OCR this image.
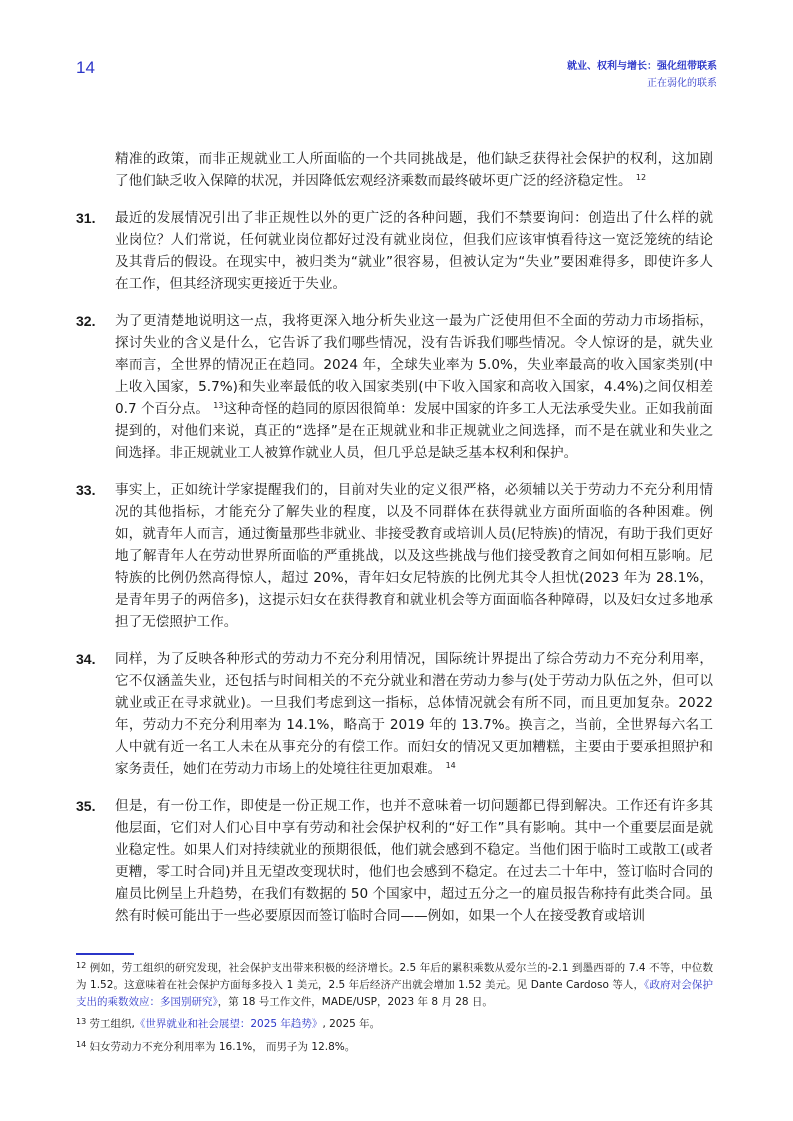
14	就业、权利与增长：强化纽带联系
正在弱化的联系
精准的政策，而非正规就业工人所面临的一个共同挑战是，他们缺乏获得社会保护的权利，这加剧了他们缺乏收入保障的状况，并因降低宏观经济乘数而最终破坏更广泛的经济稳定性。 $^{12}$
31. 最近的发展情况引出了非正规性以外的更广泛的各种问题，我们不禁要询问：创造出了什么样的就业岗位？人们常说，任何就业岗位都好过没有就业岗位，但我们应该审慎看待这一宽泛笼统的结论及其背后的假设。在现实中，被归类为“就业”很容易，但被认定为“失业”要困难得多，即使许多人在工作，但其经济现实更接近于失业。
32. 为了更清楚地说明这一点，我将更深入地分析失业这一最为广泛使用但不全面的劳动力市场指标，探讨失业的含义是什么，它告诉了我们哪些情况，没有告诉我们哪些情况。令人惊讶的是，就失业率而言，全世界的情况正在趋同。2024 年，全球失业率为 5.0%，失业率最高的收入国家类别(中上收入国家，5.7%)和失业率最低的收入国家类别(中下收入国家和高收入国家，4.4%)之间仅相差 0.7 个百分点。 $^{13}$这种奇怪的趋同的原因很简单：发展中国家的许多工人无法承受失业。正如我前面提到的，对他们来说，真正的“选择”是在正规就业和非正规就业之间选择，而不是在就业和失业之间选择。非正规就业工人被算作就业人员，但几乎总是缺乏基本权利和保护。
33. 事实上，正如统计学家提醒我们的，目前对失业的定义很严格，必须辅以关于劳动力不充分利用情况的其他指标，才能充分了解失业的程度，以及不同群体在获得就业方面所面临的各种困难。例如，就青年人而言，通过衡量那些非就业、非接受教育或培训人员(尼特族)的情况，有助于我们更好地了解青年人在劳动世界所面临的严重挑战，以及这些挑战与他们接受教育之间如何相互影响。尼特族的比例仍然高得惊人，超过 20%，青年妇女尼特族的比例尤其令人担忧(2023 年为 28.1%，是青年男子的两倍多)，这提示妇女在获得教育和就业机会等方面面临各种障碍，以及妇女过多地承担了无偿照护工作。
34. 同样，为了反映各种形式的劳动力不充分利用情况，国际统计界提出了综合劳动力不充分利用率，它不仅涵盖失业，还包括与时间相关的不充分就业和潜在劳动力参与(处于劳动力队伍之外，但可以就业或正在寻求就业)。一旦我们考虑到这一指标，总体情况就会有所不同，而且更加复杂。2022 年，劳动力不充分利用率为 14.1%，略高于 2019 年的 13.7%。换言之，当前，全世界每六名工人中就有近一名工人未在从事充分的有偿工作。而妇女的情况又更加糟糕，主要由于要承担照护和家务责任，她们在劳动力市场上的处境往往更加艰难。 $^{14}$
35. 但是，有一份工作，即使是一份正规工作，也并不意味着一切问题都已得到解决。工作还有许多其他层面，它们对人们心目中享有劳动和社会保护权利的“好工作”具有影响。其中一个重要层面是就业稳定性。如果人们对持续就业的预期很低，他们就会感到不稳定。当他们困于临时工或散工(或者更糟，零工时合同)并且无望改变现状时，他们也会感到不稳定。在过去二十年中，签订临时合同的雇员比例呈上升趋势，在我们有数据的 50 个国家中，超过五分之一的雇员报告称持有此类合同。虽然有时候可能出于一些必要原因而签订临时合同——例如，如果一个人在接受教育或培训
$^{12}$ 例如，劳工组织的研究发现，社会保护支出带来积极的经济增长。2.5 年后的累积乘数从爱尔兰的-2.1 到墨西哥的 7.4 不等，中位数为 1.52。这意味着在社会保护方面每多投入 1 美元，2.5 年后经济产出就会增加 1.52 美元。见 Dante Cardoso 等人，《政府对会保护支出的乘数效应：多国别研究》，第 18 号工作文件，MADE/USP，2023 年 8 月 28 日。
$^{13}$ 劳工组织,《世界就业和社会展望：2025 年趋势》, 2025 年。
$^{14}$ 妇女劳动力不充分利用率为 16.1%， 而男子为 12.8%。
